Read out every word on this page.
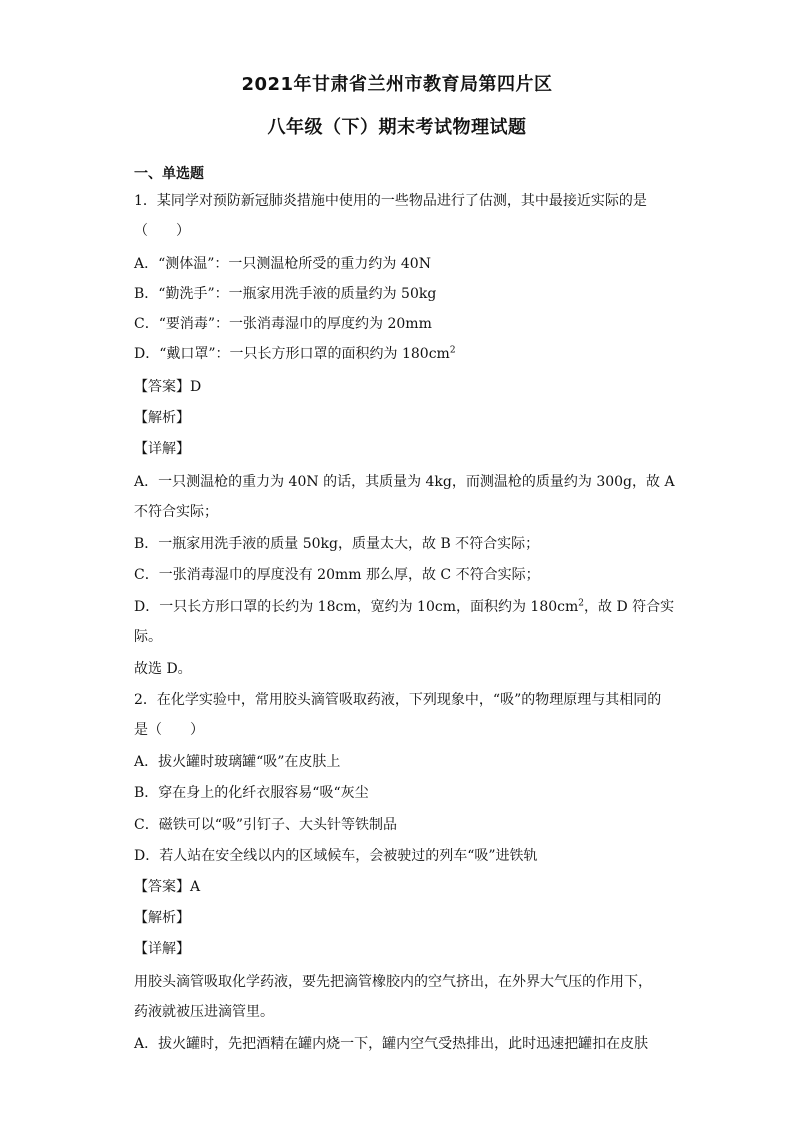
2021年甘肃省兰州市教育局第四片区
八年级（下）期末考试物理试题
一、单选题
1．某同学对预防新冠肺炎措施中使用的一些物品进行了估测，其中最接近实际的是
（　　）
A．“测体温”：一只测温枪所受的重力约为 40N
B．“勤洗手”：一瓶家用洗手液的质量约为 50kg
C．“要消毒”：一张消毒湿巾的厚度约为 20mm
D．“戴口罩”：一只长方形口罩的面积约为 $180cm^2$
【答案】D
【解析】
【详解】
A．一只测温枪的重力为 40N 的话，其质量为 4kg，而测温枪的质量约为 300g，故 A
不符合实际；
B．一瓶家用洗手液的质量 50kg，质量太大，故 B 不符合实际；
C．一张消毒湿巾的厚度没有 20mm 那么厚，故 C 不符合实际；
D．一只长方形口罩的长约为 18cm，宽约为 10cm，面积约为 $180cm^2$，故 D 符合实
际。
故选 D。
2．在化学实验中，常用胶头滴管吸取药液，下列现象中，“吸”的物理原理与其相同的
是（　　）
A．拔火罐时玻璃罐“吸”在皮肤上
B．穿在身上的化纤衣服容易“吸“灰尘
C．磁铁可以“吸”引钉子、大头针等铁制品
D．若人站在安全线以内的区域候车，会被驶过的列车“吸”进铁轨
【答案】A
【解析】
【详解】
用胶头滴管吸取化学药液，要先把滴管橡胶内的空气挤出，在外界大气压的作用下，
药液就被压进滴管里。
A．拔火罐时，先把酒精在罐内烧一下，罐内空气受热排出，此时迅速把罐扣在皮肤
